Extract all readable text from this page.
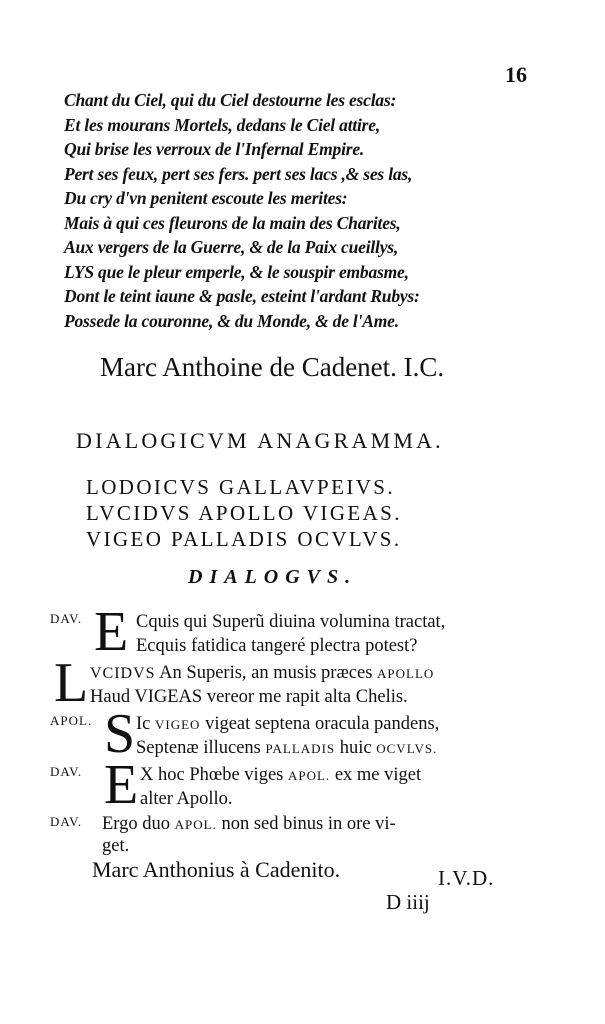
16
Chant du Ciel, qui du Ciel destourne les esclas:
Et les mourans Mortels, dedans le Ciel attire,
Qui brise les verroux de l'Infernal Empire.
Pert ses feux, pert ses fers. pert ses lacs ,& ses las,
Du cry d'vn penitent escoute les merites:
Mais à qui ces fleurons de la main des Charites,
Aux vergers de la Guerre, & de la Paix cueillys,
LYS que le pleur emperle, & le souspir embasme,
Dont le teint iaune & pasle, esteint l'ardant Rubys:
Possede la couronne, & du Monde, & de l'Ame.
Marc Anthoine de Cadenet. I.C.
DIALOGICVM ANAGRAMMA.
LODOICVS GALLAVPEIVS.
LVCIDVS APOLLO VIGEAS.
VIGEO PALLADIS OCVLVS.
DIALOGVS.
DAV. E Cquis qui Superũ diuina volumina tractat,
Ecquis fatidica tangeré plectra potest?
L VCIDVS An Superis, an musis præces APOLLO
Haud VIGEAS vereor me rapit alta Chelis.
APOL. S Ic VIGEO vigeat septena oracula pandens,
Septenæ illucens PALLADIS huic OCVLVS.
DAV. E X hoc Phœbe viges APOL. ex me viget
alter Apollo.
DAV. Ergo duo APOL. non sed binus in ore vi-
get.
Marc Anthonius à Cadenito.	I.V.D.
D iiij
